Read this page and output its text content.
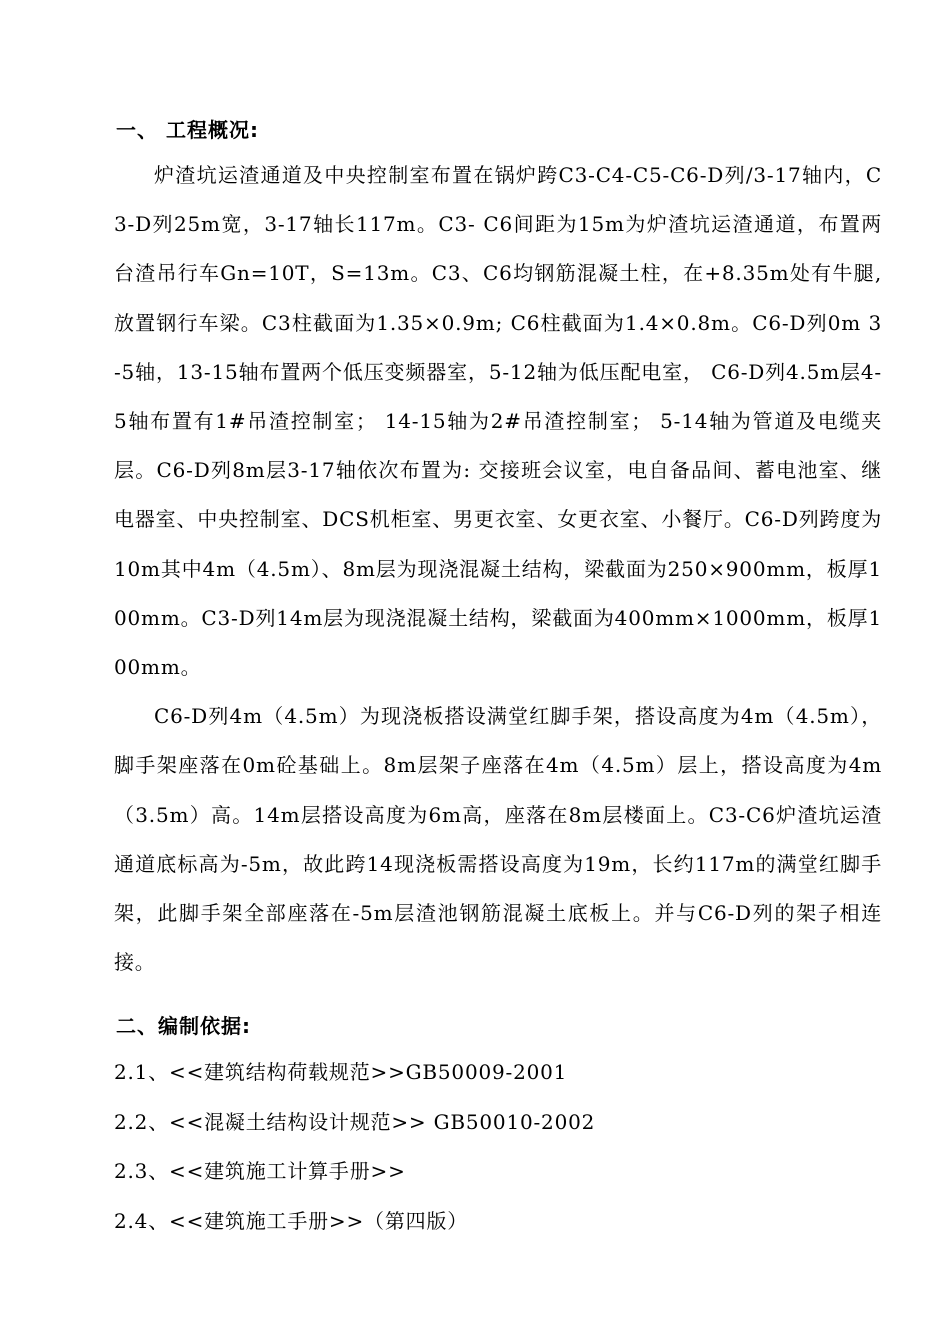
一、 工程概况:

炉渣坑运渣通道及中央控制室布置在锅炉跨C3-C4-C5-C6-D列/3-17轴内，C3-D列25m宽，3-17轴长117m。C3- C6间距为15m为炉渣坑运渣通道，布置两台渣吊行车Gn=10T，S=13m。C3、C6均钢筋混凝土柱，在+8.35m处有牛腿,放置钢行车梁。C3柱截面为1.35×0.9m; C6柱截面为1.4×0.8m。C6-D列0m 3-5轴，13-15轴布置两个低压变频器室，5-12轴为低压配电室， C6-D列4.5m层4-5轴布置有1#吊渣控制室； 14-15轴为2#吊渣控制室； 5-14轴为管道及电缆夹层。C6-D列8m层3-17轴依次布置为: 交接班会议室，电自备品间、蓄电池室、继电器室、中央控制室、DCS机柜室、男更衣室、女更衣室、小餐厅。C6-D列跨度为10m其中4m（4.5m）、8m层为现浇混凝土结构，梁截面为250×900mm，板厚100mm。C3-D列14m层为现浇混凝土结构，梁截面为400mm×1000mm，板厚100mm。

C6-D列4m（4.5m）为现浇板搭设满堂红脚手架，搭设高度为4m（4.5m），脚手架座落在0m砼基础上。8m层架子座落在4m（4.5m）层上，搭设高度为4m（3.5m）高。14m层搭设高度为6m高，座落在8m层楼面上。C3-C6炉渣坑运渣通道底标高为-5m，故此跨14现浇板需搭设高度为19m，长约117m的满堂红脚手架，此脚手架全部座落在-5m层渣池钢筋混凝土底板上。并与C6-D列的架子相连接。

二、编制依据:
2.1、<<建筑结构荷载规范>>GB50009-2001
2.2、<<混凝土结构设计规范>> GB50010-2002
2.3、<<建筑施工计算手册>>
2.4、<<建筑施工手册>>（第四版）
